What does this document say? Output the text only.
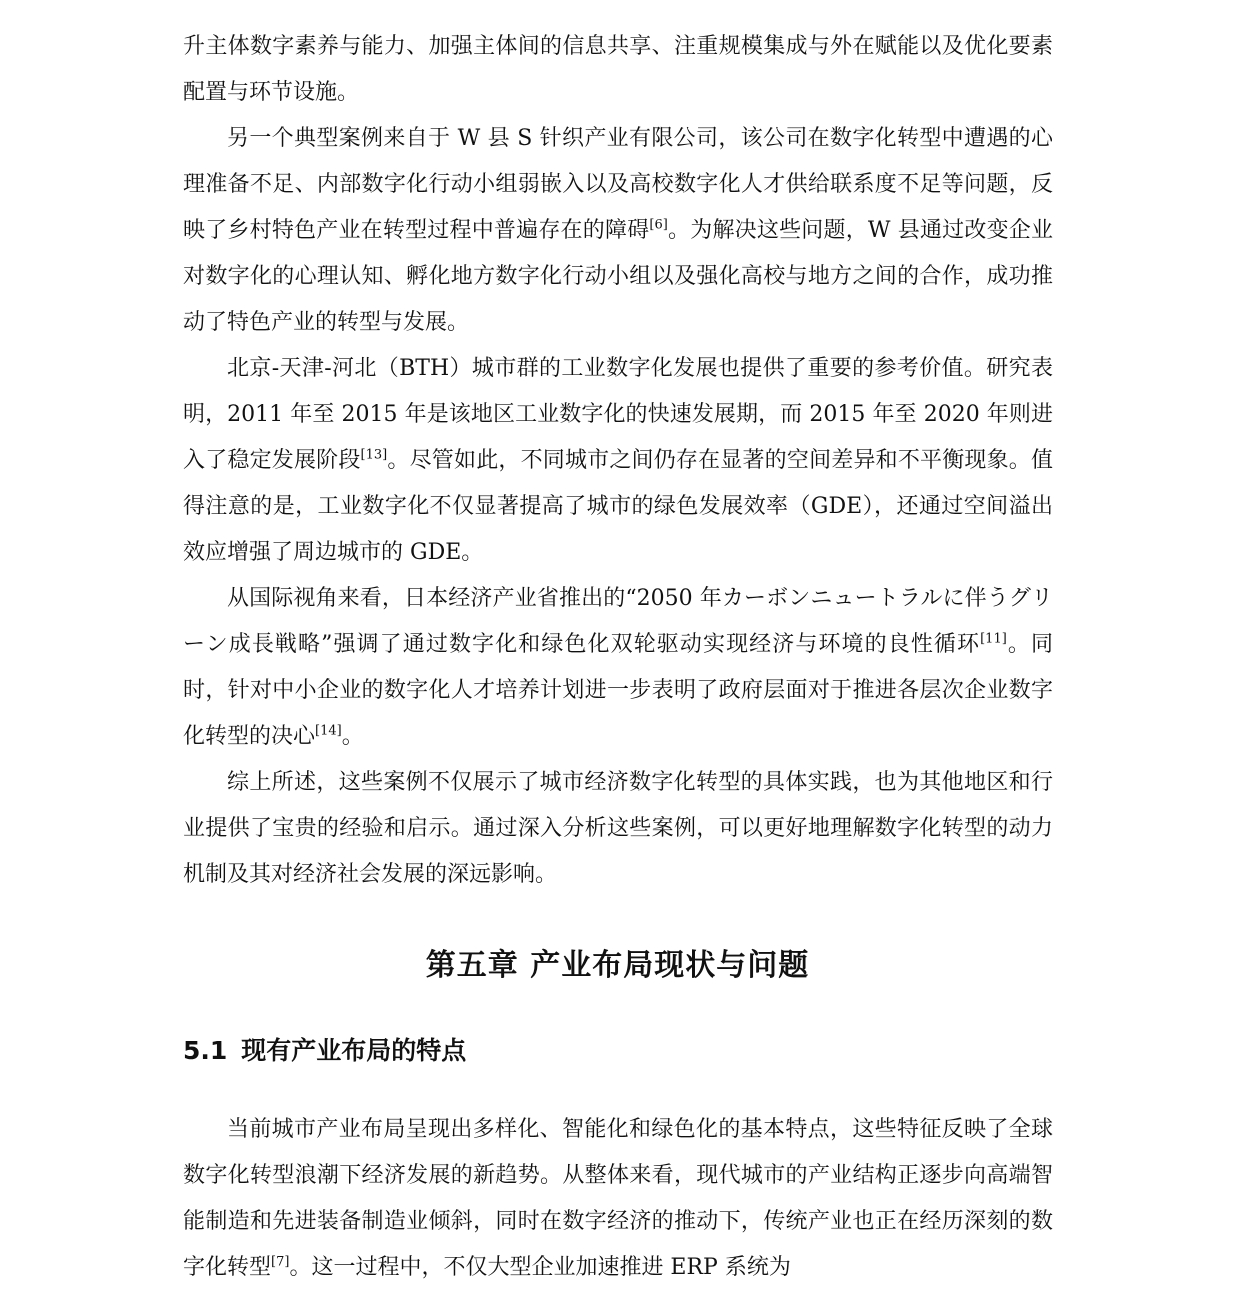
升主体数字素养与能力、加强主体间的信息共享、注重规模集成与外在赋能以及优化要素配置与环节设施。

另一个典型案例来自于 W 县 S 针织产业有限公司，该公司在数字化转型中遭遇的心理准备不足、内部数字化行动小组弱嵌入以及高校数字化人才供给联系度不足等问题，反映了乡村特色产业在转型过程中普遍存在的障碍[6]。为解决这些问题，W 县通过改变企业对数字化的心理认知、孵化地方数字化行动小组以及强化高校与地方之间的合作，成功推动了特色产业的转型与发展。

北京-天津-河北（BTH）城市群的工业数字化发展也提供了重要的参考价值。研究表明，2011 年至 2015 年是该地区工业数字化的快速发展期，而 2015 年至 2020 年则进入了稳定发展阶段[13]。尽管如此，不同城市之间仍存在显著的空间差异和不平衡现象。值得注意的是，工业数字化不仅显著提高了城市的绿色发展效率（GDE），还通过空间溢出效应增强了周边城市的 GDE。

从国际视角来看，日本经济产业省推出的“2050 年カーボンニュートラルに伴うグリーン成長戦略”强调了通过数字化和绿色化双轮驱动实现经济与环境的良性循环[11]。同时，针对中小企业的数字化人才培养计划进一步表明了政府层面对于推进各层次企业数字化转型的决心[14]。

综上所述，这些案例不仅展示了城市经济数字化转型的具体实践，也为其他地区和行业提供了宝贵的经验和启示。通过深入分析这些案例，可以更好地理解数字化转型的动力机制及其对经济社会发展的深远影响。

第五章 产业布局现状与问题
5.1 现有产业布局的特点

当前城市产业布局呈现出多样化、智能化和绿色化的基本特点，这些特征反映了全球数字化转型浪潮下经济发展的新趋势。从整体来看，现代城市的产业结构正逐步向高端智能制造和先进装备制造业倾斜，同时在数字经济的推动下，传统产业也正在经历深刻的数字化转型[7]。这一过程中，不仅大型企业加速推进 ERP 系统为
